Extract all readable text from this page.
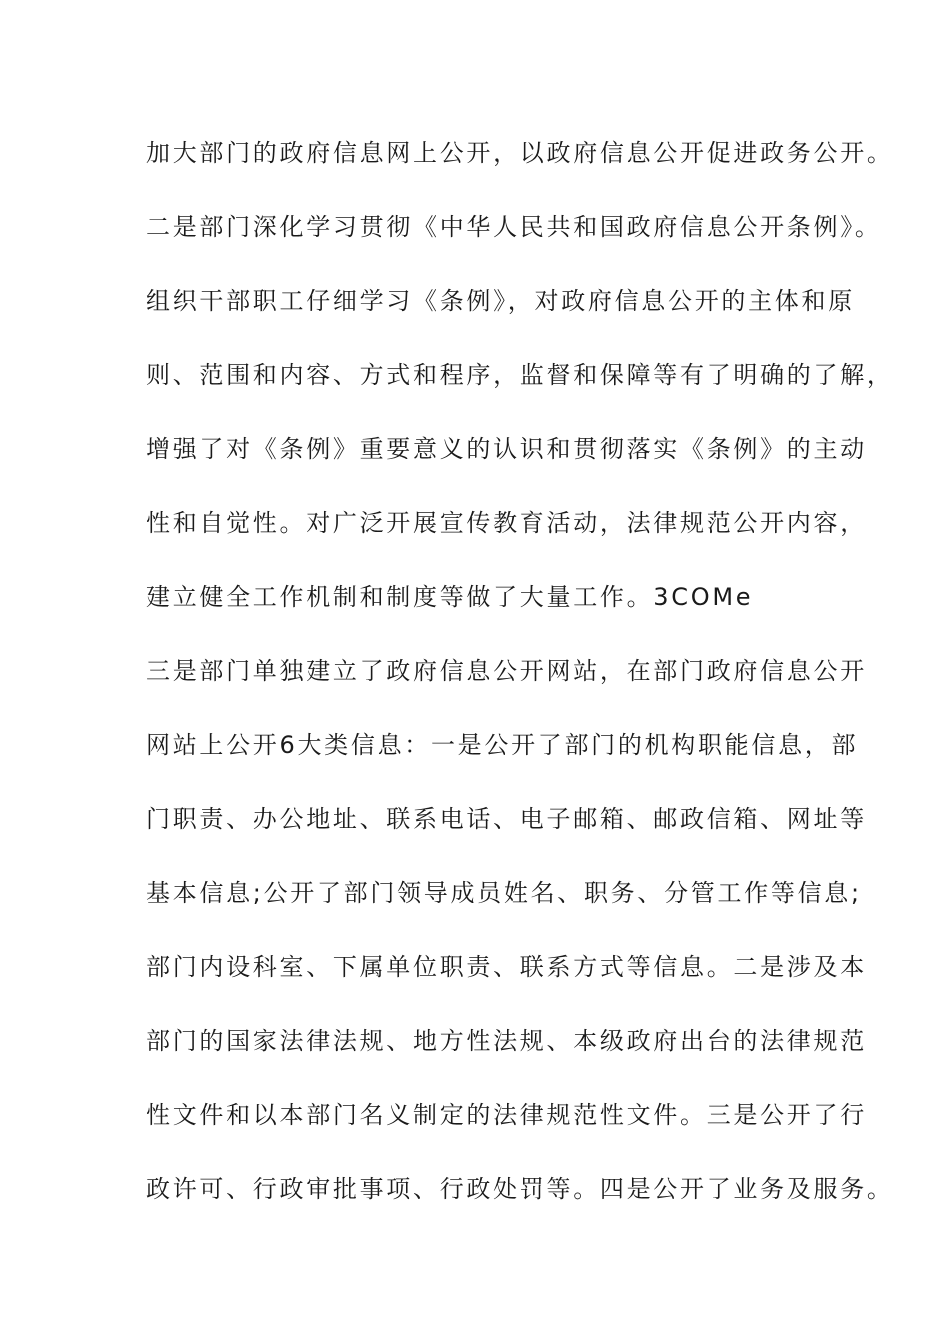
加大部门的政府信息网上公开，以政府信息公开促进政务公开。
二是部门深化学习贯彻《中华人民共和国政府信息公开条例》。
组织干部职工仔细学习《条例》，对政府信息公开的主体和原
则、范围和内容、方式和程序，监督和保障等有了明确的了解，
增强了对《条例》重要意义的认识和贯彻落实《条例》的主动
性和自觉性。对广泛开展宣传教育活动，法律规范公开内容，
建立健全工作机制和制度等做了大量工作。3COMe
三是部门单独建立了政府信息公开网站，在部门政府信息公开
网站上公开6大类信息：一是公开了部门的机构职能信息，部
门职责、办公地址、联系电话、电子邮箱、邮政信箱、网址等
基本信息;公开了部门领导成员姓名、职务、分管工作等信息;
部门内设科室、下属单位职责、联系方式等信息。二是涉及本
部门的国家法律法规、地方性法规、本级政府出台的法律规范
性文件和以本部门名义制定的法律规范性文件。三是公开了行
政许可、行政审批事项、行政处罚等。四是公开了业务及服务。
